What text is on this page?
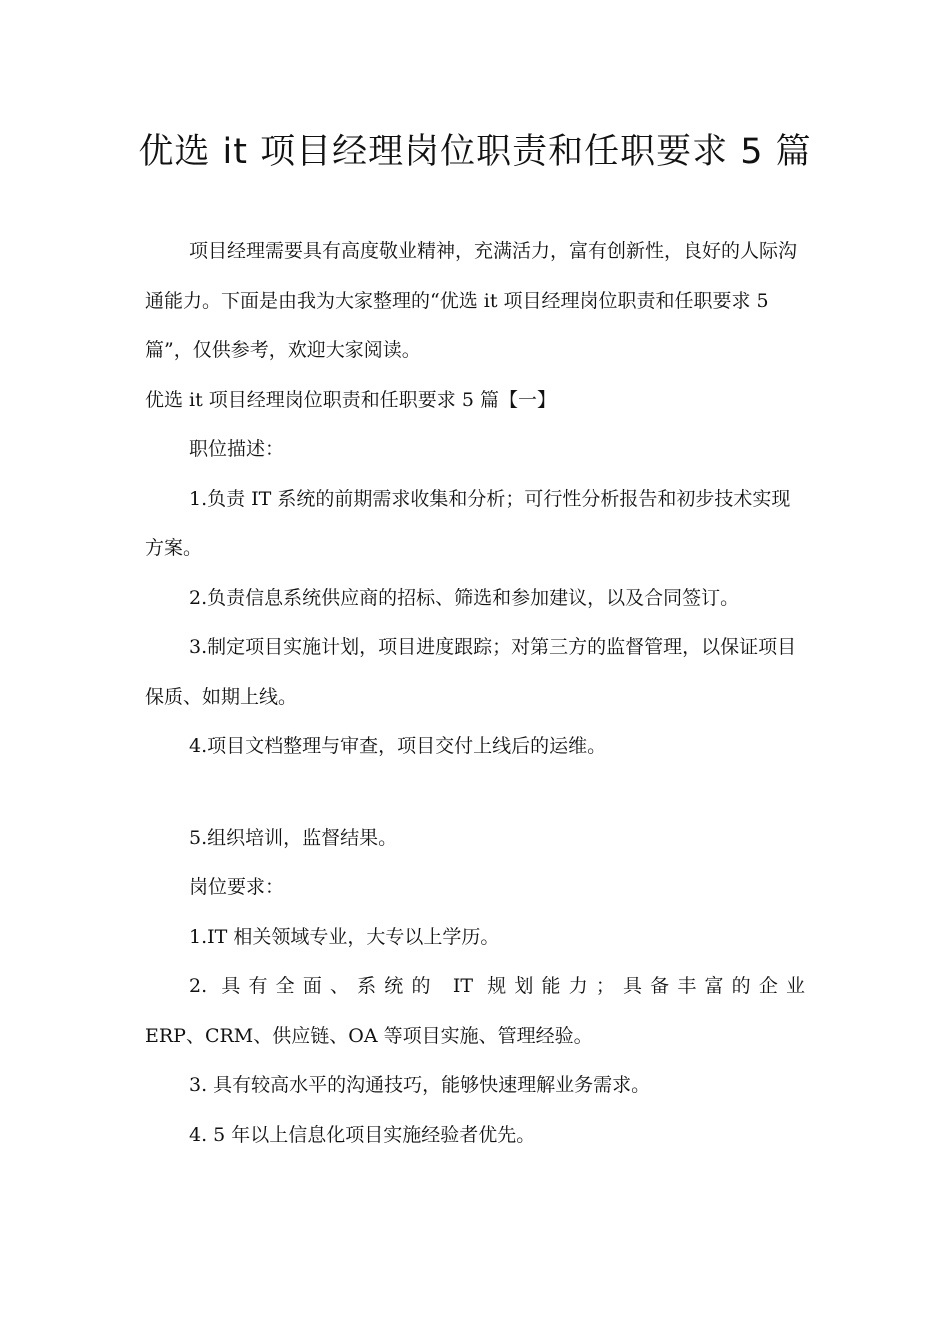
优选 it 项目经理岗位职责和任职要求 5 篇

项目经理需要具有高度敬业精神，充满活力，富有创新性，良好的人际沟通能力。下面是由我为大家整理的“优选 it 项目经理岗位职责和任职要求 5 篇”，仅供参考，欢迎大家阅读。

优选 it 项目经理岗位职责和任职要求 5 篇【一】

职位描述：

1.负责 IT 系统的前期需求收集和分析；可行性分析报告和初步技术实现方案。

2.负责信息系统供应商的招标、筛选和参加建议，以及合同签订。

3.制定项目实施计划，项目进度跟踪；对第三方的监督管理，以保证项目保质、如期上线。

4.项目文档整理与审查，项目交付上线后的运维。

5.组织培训，监督结果。

岗位要求：

1.IT 相关领域专业，大专以上学历。

2. 具有全面、系统的 IT 规划能力；具备丰富的企业

ERP、CRM、供应链、OA 等项目实施、管理经验。

3. 具有较高水平的沟通技巧，能够快速理解业务需求。

4. 5 年以上信息化项目实施经验者优先。
